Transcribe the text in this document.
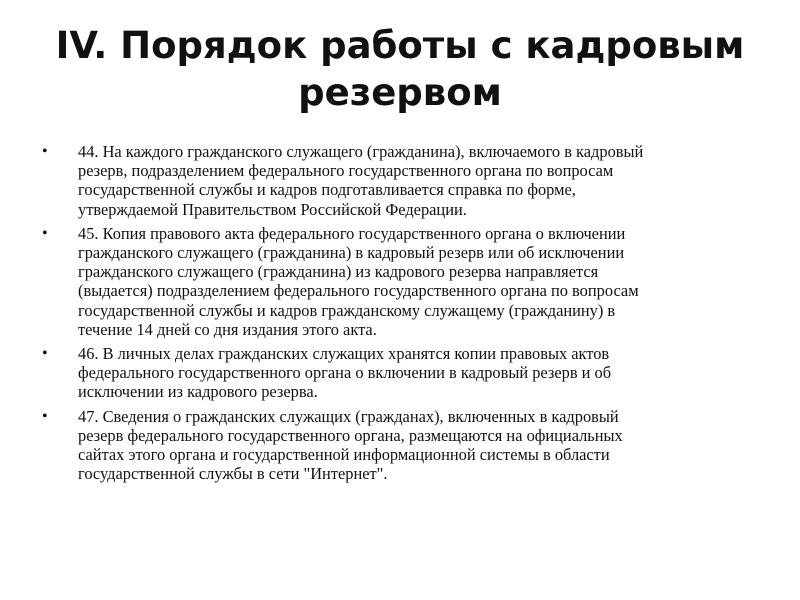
IV. Порядок работы с кадровым
резервом
• 44. На каждого гражданского служащего (гражданина), включаемого в кадровый
резерв, подразделением федерального государственного органа по вопросам
государственной службы и кадров подготавливается справка по форме,
утверждаемой Правительством Российской Федерации.
• 45. Копия правового акта федерального государственного органа о включении
гражданского служащего (гражданина) в кадровый резерв или об исключении
гражданского служащего (гражданина) из кадрового резерва направляется
(выдается) подразделением федерального государственного органа по вопросам
государственной службы и кадров гражданскому служащему (гражданину) в
течение 14 дней со дня издания этого акта.
• 46. В личных делах гражданских служащих хранятся копии правовых актов
федерального государственного органа о включении в кадровый резерв и об
исключении из кадрового резерва.
• 47. Сведения о гражданских служащих (гражданах), включенных в кадровый
резерв федерального государственного органа, размещаются на официальных
сайтах этого органа и государственной информационной системы в области
государственной службы в сети "Интернет".
